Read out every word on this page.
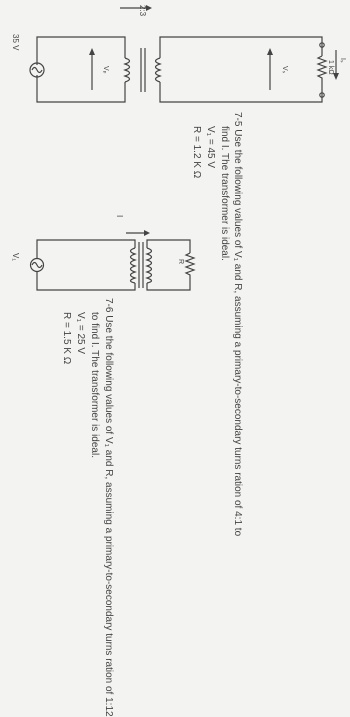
35 V
2:3
Vₚ	Vₛ
Iₛ
1 kΩ
V₁
I
R	7-5 Use the following values of V₁ and R, assuming a primary-to-secondary turns ration of 4:1 to
find I. The transformer is ideal.
V₁ = 45 V
R = 1.2 K Ω
7-6 Use the following values of V₁ and R, assuming a primary-to-secondary turns ration of 1:12
to find I. The transformer is ideal.
V₁ = 25 V
R = 1.5 K Ω
